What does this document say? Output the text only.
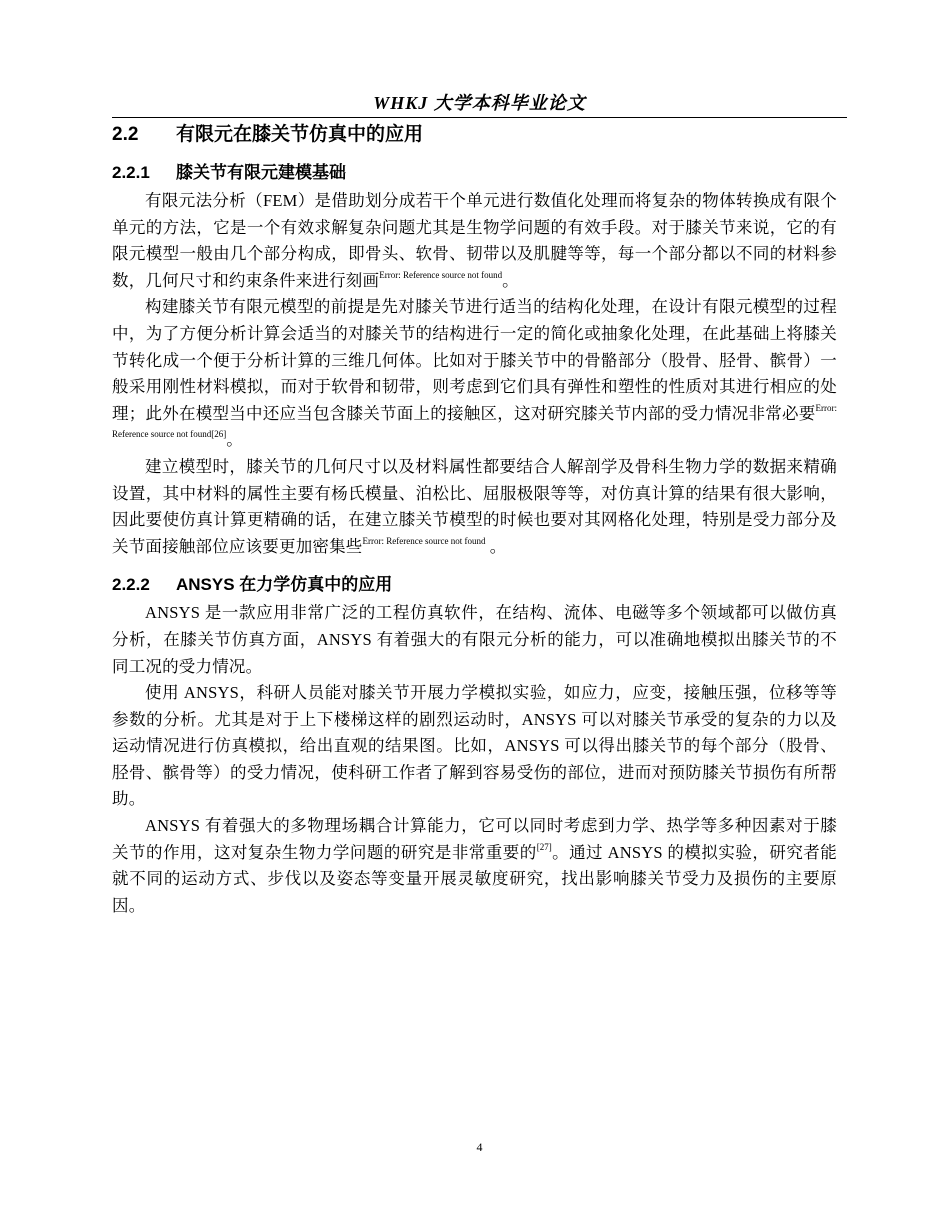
WHKJ 大学本科毕业论文
2.2 有限元在膝关节仿真中的应用
2.2.1 膝关节有限元建模基础

有限元法分析（FEM）是借助划分成若干个单元进行数值化处理而将复杂的物体转换成有限个单元的方法，它是一个有效求解复杂问题尤其是生物学问题的有效手段。对于膝关节来说，它的有限元模型一般由几个部分构成，即骨头、软骨、韧带以及肌腱等等，每一个部分都以不同的材料参数，几何尺寸和约束条件来进行刻画$^{Error: Reference source not found}$。

构建膝关节有限元模型的前提是先对膝关节进行适当的结构化处理，在设计有限元模型的过程中，为了方便分析计算会适当的对膝关节的结构进行一定的简化或抽象化处理，在此基础上将膝关节转化成一个便于分析计算的三维几何体。比如对于膝关节中的骨骼部分（股骨、胫骨、髌骨）一般采用刚性材料模拟，而对于软骨和韧带，则考虑到它们具有弹性和塑性的性质对其进行相应的处理；此外在模型当中还应当包含膝关节面上的接触区，这对研究膝关节内部的受力情况非常必要$^{Error: Reference source not found[26]}$。

建立模型时，膝关节的几何尺寸以及材料属性都要结合人解剖学及骨科生物力学的数据来精确设置，其中材料的属性主要有杨氏模量、泊松比、屈服极限等等，对仿真计算的结果有很大影响，因此要使仿真计算更精确的话，在建立膝关节模型的时候也要对其网格化处理，特别是受力部分及关节面接触部位应该要更加密集些$^{Error: Reference source not found}$ 。

2.2.2 ANSYS 在力学仿真中的应用

ANSYS 是一款应用非常广泛的工程仿真软件，在结构、流体、电磁等多个领域都可以做仿真分析，在膝关节仿真方面，ANSYS 有着强大的有限元分析的能力，可以准确地模拟出膝关节的不同工况的受力情况。

使用 ANSYS，科研人员能对膝关节开展力学模拟实验，如应力，应变，接触压强，位移等等参数的分析。尤其是对于上下楼梯这样的剧烈运动时，ANSYS 可以对膝关节承受的复杂的力以及运动情况进行仿真模拟，给出直观的结果图。比如，ANSYS 可以得出膝关节的每个部分（股骨、胫骨、髌骨等）的受力情况，使科研工作者了解到容易受伤的部位，进而对预防膝关节损伤有所帮助。

ANSYS 有着强大的多物理场耦合计算能力，它可以同时考虑到力学、热学等多种因素对于膝关节的作用，这对复杂生物力学问题的研究是非常重要的[27]。通过 ANSYS 的模拟实验，研究者能就不同的运动方式、步伐以及姿态等变量开展灵敏度研究，找出影响膝关节受力及损伤的主要原因。

4
